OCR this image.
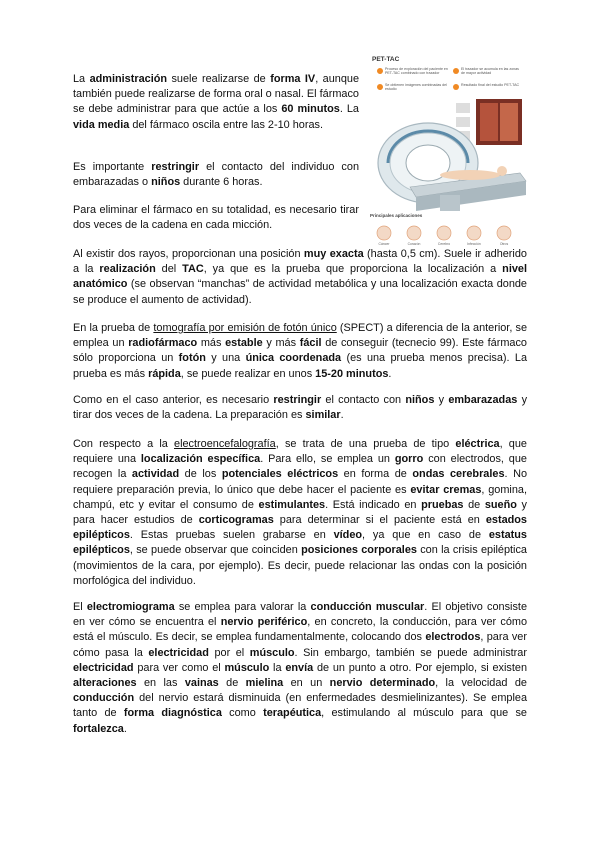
PET-TAC
Proceso de exploración del paciente en PET-TAC combinado con trazador
Se obtienen imágenes combinadas del estudio
El trazador se acumula en las zonas de mayor actividad
Resultado final del estudio PET-TAC
Principales aplicaciones
Cáncer	Corazón	Cerebro	Infección	Otros

La administración suele realizarse de forma IV, aunque también puede realizarse de forma oral o nasal. El fármaco se debe administrar para que actúe a los 60 minutos. La vida media del fármaco oscila entre las 2-10 horas.

Es importante restringir el contacto del individuo con embarazadas o niños durante 6 horas.

Para eliminar el fármaco en su totalidad, es necesario tirar dos veces de la cadena en cada micción.

Al existir dos rayos, proporcionan una posición muy exacta (hasta 0,5 cm). Suele ir adherido a la realización del TAC, ya que es la prueba que proporciona la localización a nivel anatómico (se observan “manchas” de actividad metabólica y una localización exacta donde se produce el aumento de actividad).

En la prueba de tomografía por emisión de fotón único (SPECT) a diferencia de la anterior, se emplea un radiofármaco más estable y más fácil de conseguir (tecnecio 99). Este fármaco sólo proporciona un fotón y una única coordenada (es una prueba menos precisa). La prueba es más rápida, se puede realizar en unos 15-20 minutos.

Como en el caso anterior, es necesario restringir el contacto con niños y embarazadas y tirar dos veces de la cadena. La preparación es similar.

Con respecto a la electroencefalografía, se trata de una prueba de tipo eléctrica, que requiere una localización específica. Para ello, se emplea un gorro con electrodos, que recogen la actividad de los potenciales eléctricos en forma de ondas cerebrales. No requiere preparación previa, lo único que debe hacer el paciente es evitar cremas, gomina, champú, etc y evitar el consumo de estimulantes. Está indicado en pruebas de sueño y para hacer estudios de corticogramas para determinar si el paciente está en estados epilépticos. Estas pruebas suelen grabarse en vídeo, ya que en caso de estatus epilépticos, se puede observar que coinciden posiciones corporales con la crisis epiléptica (movimientos de la cara, por ejemplo). Es decir, puede relacionar las ondas con la posición morfológica del individuo.

El electromiograma se emplea para valorar la conducción muscular. El objetivo consiste en ver cómo se encuentra el nervio periférico, en concreto, la conducción, para ver cómo está el músculo. Es decir, se emplea fundamentalmente, colocando dos electrodos, para ver cómo pasa la electricidad por el músculo. Sin embargo, también se puede administrar electricidad para ver como el músculo la envía de un punto a otro. Por ejemplo, si existen alteraciones en las vainas de mielina en un nervio determinado, la velocidad de conducción del nervio estará disminuida (en enfermedades desmielinizantes). Se emplea tanto de forma diagnóstica como terapéutica, estimulando al músculo para que se fortalezca.
